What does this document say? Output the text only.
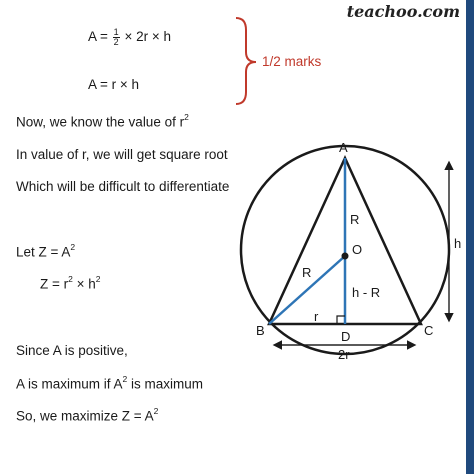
teachoo.com
$A = \frac{1}{2} \times 2r \times h$
A = r × h
1/2 marks
Now, we know the value of $r^2$
In value of r, we will get square root
Which will be difficult to differentiate
Let $Z = A^2$
$Z = r^2 \times h^2$
Since A is positive,
A is maximum if $A^2$ is maximum
So, we maximize $Z = A^2$
A
B	C
D
O
R
R
h - R
r
2r
h
